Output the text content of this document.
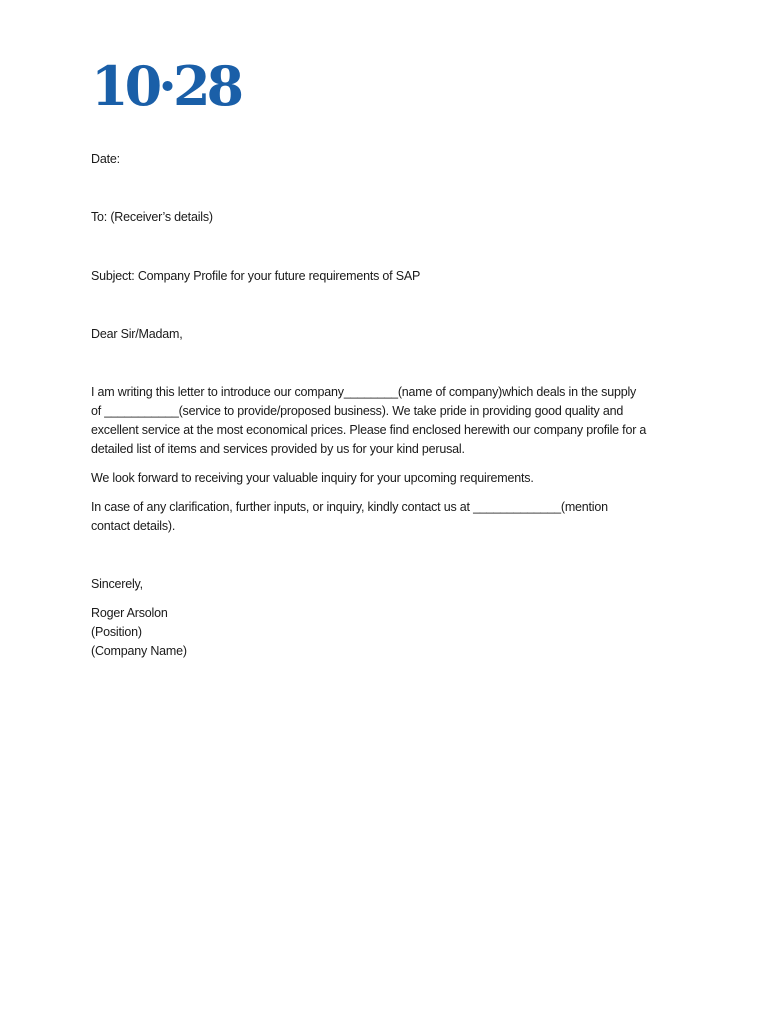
10·28
Date:
To: (Receiver’s details)
Subject: Company Profile for your future requirements of SAP
Dear Sir/Madam,
I am writing this letter to introduce our company________(name of company)which deals in the supply
of ___________(service to provide/proposed business). We take pride in providing good quality and
excellent service at the most economical prices. Please find enclosed herewith our company profile for a
detailed list of items and services provided by us for your kind perusal.
We look forward to receiving your valuable inquiry for your upcoming requirements.
In case of any clarification, further inputs, or inquiry, kindly contact us at _____________(mention
contact details).
Sincerely,
Roger Arsolon
(Position)
(Company Name)
